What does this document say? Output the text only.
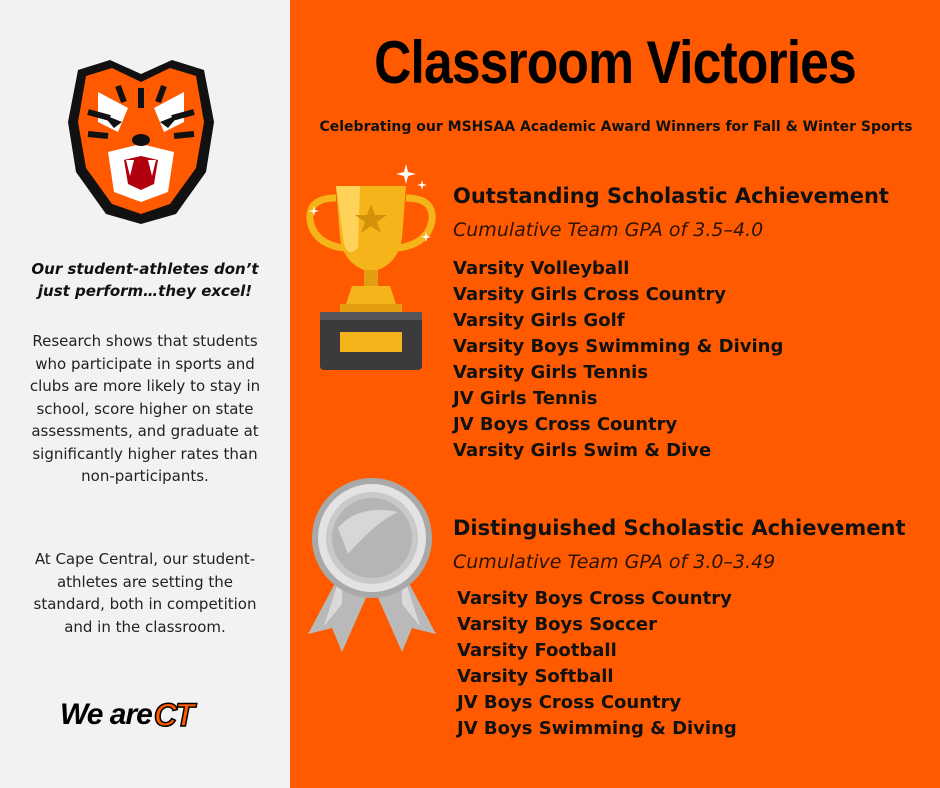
Our student-athletes don’t
just perform…they excel!
Research shows that students who participate in sports and clubs are more likely to stay in school, score higher on state assessments, and graduate at significantly higher rates than non-participants.
At Cape Central, our student-athletes are setting the standard, both in competition and in the classroom.
We are CT
Classroom Victories
Celebrating our MSHSAA Academic Award Winners for Fall & Winter Sports
Outstanding Scholastic Achievement
Cumulative Team GPA of 3.5–4.0
Varsity Volleyball
Varsity Girls Cross Country
Varsity Girls Golf
Varsity Boys Swimming & Diving
Varsity Girls Tennis
JV Girls Tennis
JV Boys Cross Country
Varsity Girls Swim & Dive
Distinguished Scholastic Achievement
Cumulative Team GPA of 3.0–3.49
Varsity Boys Cross Country
Varsity Boys Soccer
Varsity Football
Varsity Softball
JV Boys Cross Country
JV Boys Swimming & Diving
